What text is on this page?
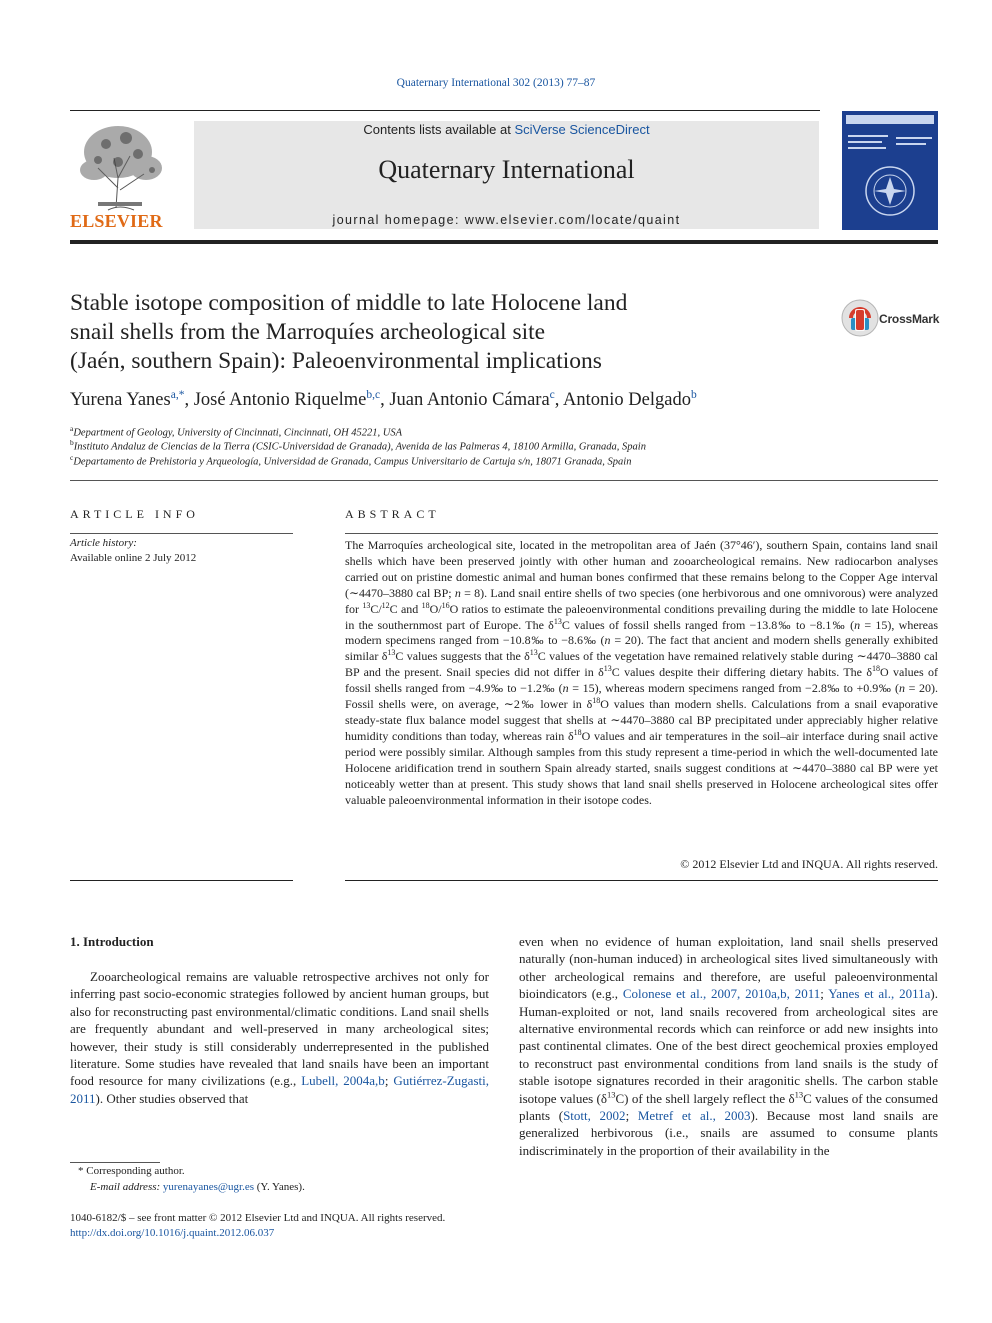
Quaternary International 302 (2013) 77–87
ELSEVIER
Contents lists available at SciVerse ScienceDirect
Quaternary International
journal homepage: www.elsevier.com/locate/quaint
Stable isotope composition of middle to late Holocene land
snail shells from the Marroquíes archeological site
(Jaén, southern Spain): Paleoenvironmental implications
CrossMark
Yurena Yanes$^{a,*}$, José Antonio Riquelme$^{b,c}$, Juan Antonio Cámara$^c$, Antonio Delgado$^b$
$^a$Department of Geology, University of Cincinnati, Cincinnati, OH 45221, USA
$^b$Instituto Andaluz de Ciencias de la Tierra (CSIC-Universidad de Granada), Avenida de las Palmeras 4, 18100 Armilla, Granada, Spain
$^c$Departamento de Prehistoria y Arqueología, Universidad de Granada, Campus Universitario de Cartuja s/n, 18071 Granada, Spain
ARTICLE INFO
Article history:
Available online 2 July 2012
ABSTRACT
The Marroquíes archeological site, located in the metropolitan area of Jaén (37°46′), southern Spain, contains land snail shells which have been preserved jointly with other human and zooarcheological remains. New radiocarbon analyses carried out on pristine domestic animal and human bones confirmed that these remains belong to the Copper Age interval (∼4470–3880 cal BP; n = 8). Land snail entire shells of two species (one herbivorous and one omnivorous) were analyzed for $^{13}$C/$^{12}$C and $^{18}$O/$^{16}$O ratios to estimate the paleoenvironmental conditions prevailing during the middle to late Holocene in the southernmost part of Europe. The $\delta^{13}C$ values of fossil shells ranged from −13.8‰ to −8.1‰ (n = 15), whereas modern specimens ranged from −10.8‰ to −8.6‰ (n = 20). The fact that ancient and modern shells generally exhibited similar $\delta^{13}C$ values suggests that the $\delta^{13}C$ values of the vegetation have remained relatively stable during ∼4470–3880 cal BP and the present. Snail species did not differ in $\delta^{13}C$ values despite their differing dietary habits. The $\delta^{18}O$ values of fossil shells ranged from −4.9‰ to −1.2‰ (n = 15), whereas modern specimens ranged from −2.8‰ to +0.9‰ (n = 20). Fossil shells were, on average, ∼2‰ lower in $\delta^{18}O$ values than modern shells. Calculations from a snail evaporative steady-state flux balance model suggest that shells at ∼4470–3880 cal BP precipitated under appreciably higher relative humidity conditions than today, whereas rain $\delta^{18}O$ values and air temperatures in the soil–air interface during snail active period were possibly similar. Although samples from this study represent a time-period in which the well-documented late Holocene aridification trend in southern Spain already started, snails suggest conditions at ∼4470–3880 cal BP were yet noticeably wetter than at present. This study shows that land snail shells preserved in Holocene archeological sites offer valuable paleoenvironmental information in their isotope codes.
© 2012 Elsevier Ltd and INQUA. All rights reserved.
1. Introduction
Zooarcheological remains are valuable retrospective archives not only for inferring past socio-economic strategies followed by ancient human groups, but also for reconstructing past environmental/climatic conditions. Land snail shells are frequently abundant and well-preserved in many archeological sites; however, their study is still considerably underrepresented in the published literature. Some studies have revealed that land snails have been an important food resource for many civilizations (e.g., Lubell, 2004a,b; Gutiérrez-Zugasti, 2011). Other studies observed that
even when no evidence of human exploitation, land snail shells preserved naturally (non-human induced) in archeological sites lived simultaneously with other archeological remains and therefore, are useful paleoenvironmental bioindicators (e.g., Colonese et al., 2007, 2010a,b, 2011; Yanes et al., 2011a). Human-exploited or not, land snails recovered from archeological sites are alternative environmental records which can reinforce or add new insights into past continental climates. One of the best direct geochemical proxies employed to reconstruct past environmental conditions from land snails is the study of stable isotope signatures recorded in their aragonitic shells. The carbon stable isotope values $(\delta^{13}C)$ of the shell largely reflect the $\delta^{13}C$ values of the consumed plants (Stott, 2002; Metref et al., 2003). Because most land snails are generalized herbivorous (i.e., snails are assumed to consume plants indiscriminately in the proportion of their availability in the
* Corresponding author.
E-mail address: yurenayanes@ugr.es (Y. Yanes).
1040-6182/$ – see front matter © 2012 Elsevier Ltd and INQUA. All rights reserved.
http://dx.doi.org/10.1016/j.quaint.2012.06.037
